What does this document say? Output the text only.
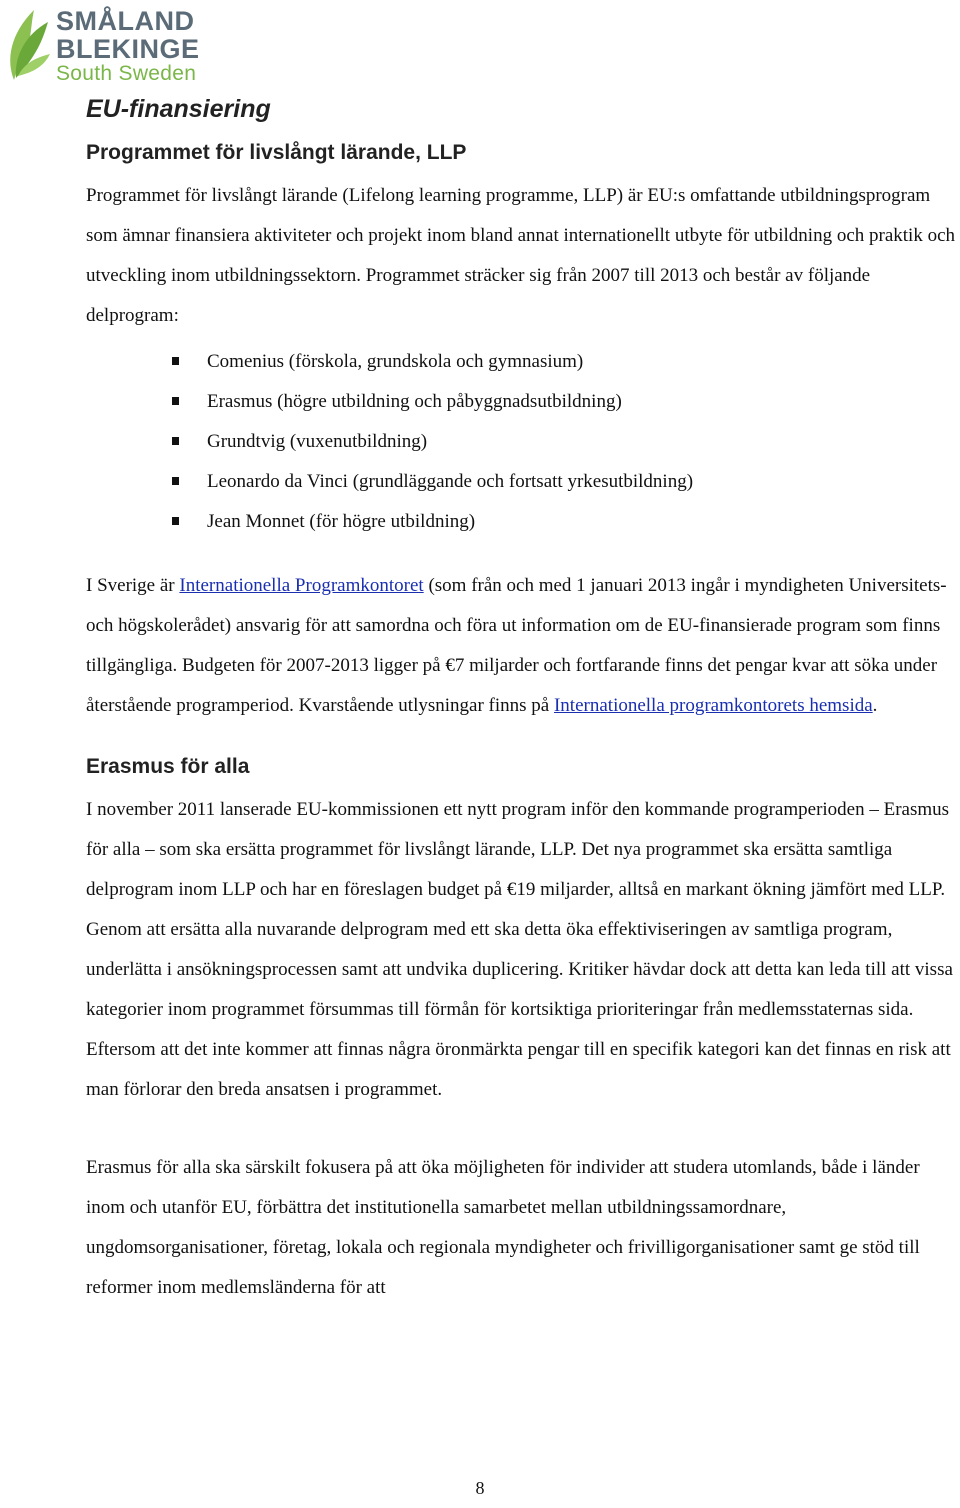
SMÅLAND
BLEKINGE
South Sweden
EU-finansiering
Programmet för livslångt lärande, LLP

Programmet för livslångt lärande (Lifelong learning programme, LLP) är EU:s omfattande utbildningsprogram som ämnar finansiera aktiviteter och projekt inom bland annat internationellt utbyte för utbildning och praktik och utveckling inom utbildningssektorn. Programmet sträcker sig från 2007 till 2013 och består av följande delprogram:

Comenius (förskola, grundskola och gymnasium)
Erasmus (högre utbildning och påbyggnadsutbildning)
Grundtvig (vuxenutbildning)
Leonardo da Vinci (grundläggande och fortsatt yrkesutbildning)
Jean Monnet (för högre utbildning)

I Sverige är Internationella Programkontoret (som från och med 1 januari 2013 ingår i myndigheten Universitets- och högskolerådet) ansvarig för att samordna och föra ut information om de EU-finansierade program som finns tillgängliga. Budgeten för 2007-2013 ligger på €7 miljarder och fortfarande finns det pengar kvar att söka under återstående programperiod. Kvarstående utlysningar finns på Internationella programkontorets hemsida.

Erasmus för alla

I november 2011 lanserade EU-kommissionen ett nytt program inför den kommande programperioden – Erasmus för alla – som ska ersätta programmet för livslångt lärande, LLP. Det nya programmet ska ersätta samtliga delprogram inom LLP och har en föreslagen budget på €19 miljarder, alltså en markant ökning jämfört med LLP. Genom att ersätta alla nuvarande delprogram med ett ska detta öka effektiviseringen av samtliga program, underlätta i ansökningsprocessen samt att undvika duplicering. Kritiker hävdar dock att detta kan leda till att vissa kategorier inom programmet försummas till förmån för kortsiktiga prioriteringar från medlemsstaternas sida. Eftersom att det inte kommer att finnas några öronmärkta pengar till en specifik kategori kan det finnas en risk att man förlorar den breda ansatsen i programmet.

Erasmus för alla ska särskilt fokusera på att öka möjligheten för individer att studera utomlands, både i länder inom och utanför EU, förbättra det institutionella samarbetet mellan utbildningssamordnare, ungdomsorganisationer, företag, lokala och regionala myndigheter och frivilligorganisationer samt ge stöd till reformer inom medlemsländerna för att

8
